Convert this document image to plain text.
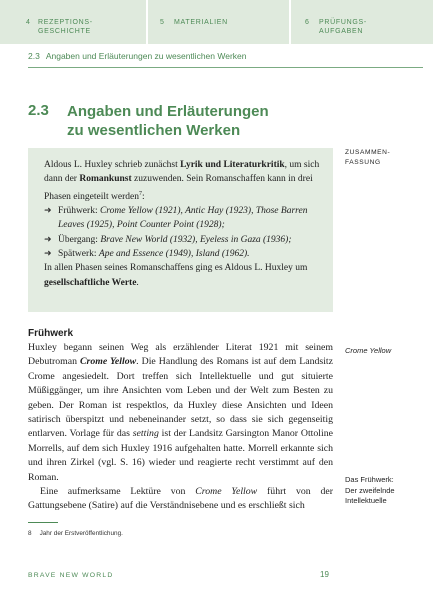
4 REZEPTIONS-
GESCHICHTE
5 MATERIALIEN	6 PRÜFUNGS-
AUFGABEN
2.3 Angaben und Erläuterungen zu wesentlichen Werken
2.3 Angaben und Erläuterungen
zu wesentlichen Werken
Aldous L. Huxley schrieb zunächst Lyrik und Literaturkritik, um sich dann der Romankunst zuzuwenden. Sein Romanschaffen kann in drei Phasen eingeteilt werden$^7$:
➜ Frühwerk: Crome Yellow (1921), Antic Hay (1923), Those Barren Leaves (1925), Point Counter Point (1928);
➜ Übergang: Brave New World (1932), Eyeless in Gaza (1936);
➜ Spätwerk: Ape and Essence (1949), Island (1962).
In allen Phasen seines Romanschaffens ging es Aldous L. Huxley um gesellschaftliche Werte.
ZUSAMMEN-
FASSUNG
Frühwerk

Huxley begann seinen Weg als erzählender Literat 1921 mit seinem Debutroman Crome Yellow. Die Handlung des Romans ist auf dem Landsitz Crome angesiedelt. Dort treffen sich Intellektuelle und gut situierte Müßiggänger, um ihre Ansichten vom Leben und der Welt zum Besten zu geben. Der Roman ist respektlos, da Huxley diese Ansichten und Ideen satirisch überspitzt und nebeneinander setzt, so dass sie sich gegenseitig entlarven. Vorlage für das setting ist der Landsitz Garsington Manor Ottoline Morrells, auf dem sich Huxley 1916 aufgehalten hatte. Morrell erkannte sich und ihren Zirkel (vgl. S. 16) wieder und reagierte recht verstimmt auf den Roman.

Eine aufmerksame Lektüre von Crome Yellow führt von der Gattungsebene (Satire) auf die Verständnisebene und es erschließt sich

Crome Yellow
Das Frühwerk:
Der zweifelnde
Intellektuelle
8 Jahr der Erstveröffentlichung.
BRAVE NEW WORLD	19
